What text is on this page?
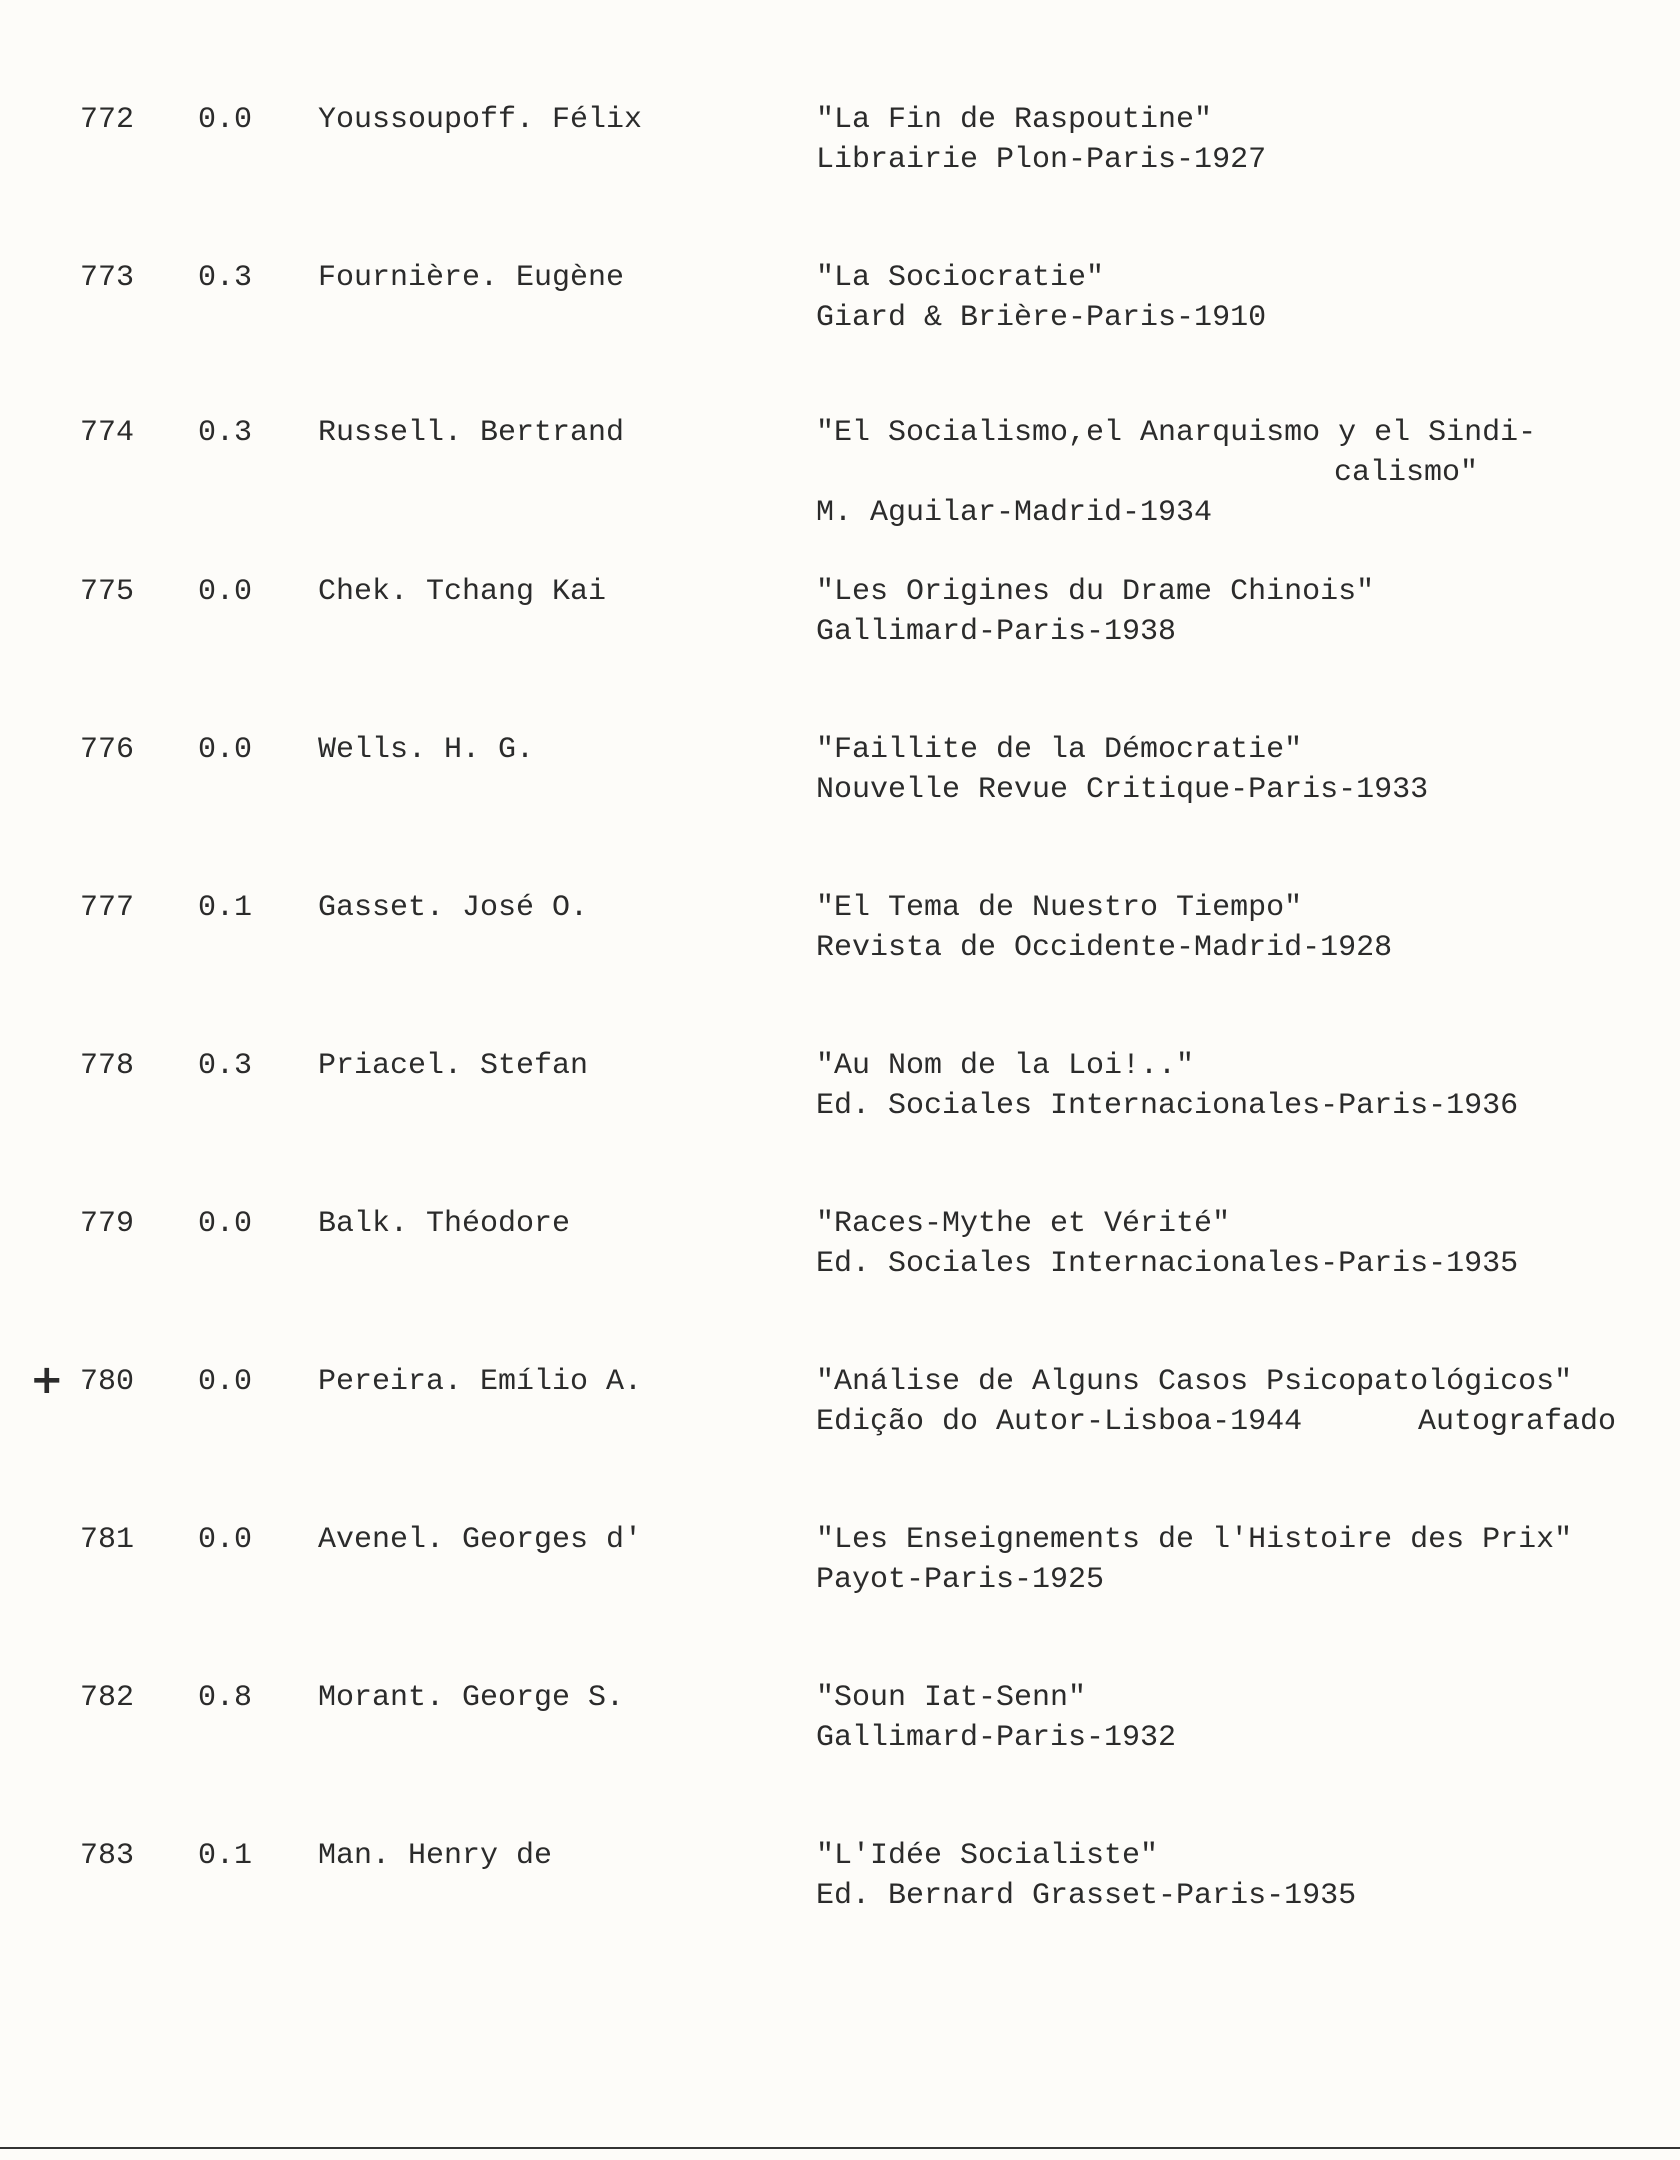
772 0.0 Youssoupoff. Félix	"La Fin de Raspoutine"
Librairie Plon-Paris-1927
773 0.3 Fournière. Eugène	"La Sociocratie"
Giard & Brière-Paris-1910
774 0.3 Russell. Bertrand	"El Socialismo,el Anarquismo y el Sindi-
calismo"
M. Aguilar-Madrid-1934
775 0.0 Chek. Tchang Kai	"Les Origines du Drame Chinois"
Gallimard-Paris-1938
776 0.0 Wells. H. G.	"Faillite de la Démocratie"
Nouvelle Revue Critique-Paris-1933
777 0.1 Gasset. José O.	"El Tema de Nuestro Tiempo"
Revista de Occidente-Madrid-1928
778 0.3 Priacel. Stefan	"Au Nom de la Loi!.."
Ed. Sociales Internacionales-Paris-1936
779 0.0 Balk. Théodore	"Races-Mythe et Vérité"
Ed. Sociales Internacionales-Paris-1935
+ 780 0.0 Pereira. Emílio A.	"Análise de Alguns Casos Psicopatológicos"
Edição do Autor-Lisboa-1944	Autografado
781 0.0 Avenel. Georges d'	"Les Enseignements de l'Histoire des Prix"
Payot-Paris-1925
782 0.8 Morant. George S.	"Soun Iat-Senn"
Gallimard-Paris-1932
783 0.1 Man. Henry de	"L'Idée Socialiste"
Ed. Bernard Grasset-Paris-1935
